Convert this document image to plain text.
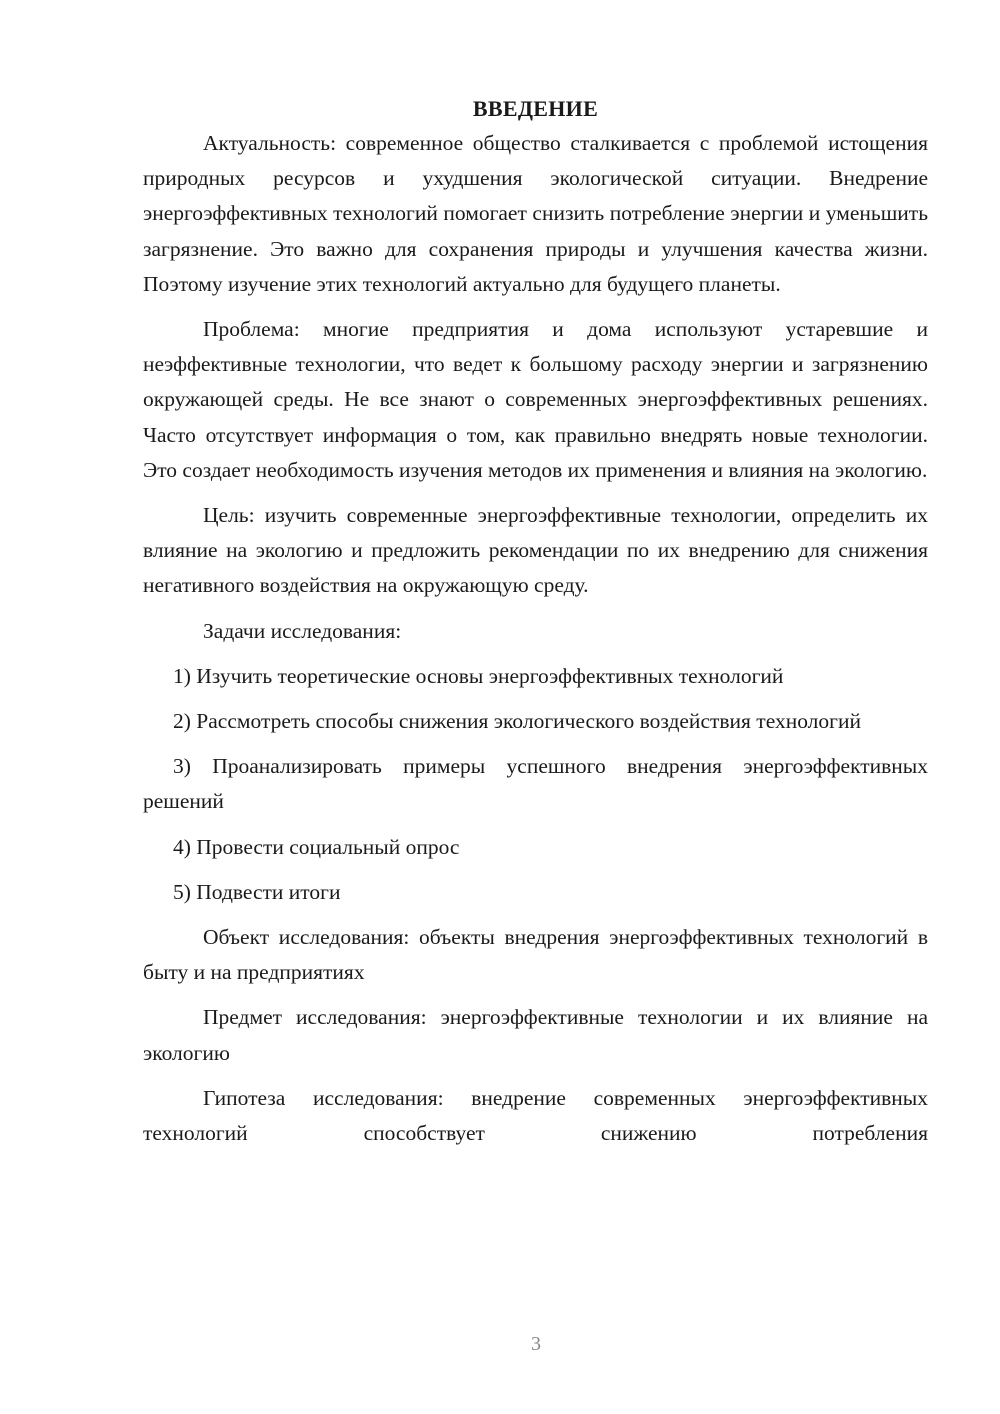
ВВЕДЕНИЕ

Актуальность: современное общество сталкивается с проблемой истощения природных ресурсов и ухудшения экологической ситуации. Внедрение энергоэффективных технологий помогает снизить потребление энергии и уменьшить загрязнение. Это важно для сохранения природы и улучшения качества жизни. Поэтому изучение этих технологий актуально для будущего планеты.

Проблема: многие предприятия и дома используют устаревшие и неэффективные технологии, что ведет к большому расходу энергии и загрязнению окружающей среды. Не все знают о современных энергоэффективных решениях. Часто отсутствует информация о том, как правильно внедрять новые технологии. Это создает необходимость изучения методов их применения и влияния на экологию.

Цель: изучить современные энергоэффективные технологии, определить их влияние на экологию и предложить рекомендации по их внедрению для снижения негативного воздействия на окружающую среду.

Задачи исследования:

1) Изучить теоретические основы энергоэффективных технологий

2) Рассмотреть способы снижения экологического воздействия технологий

3) Проанализировать примеры успешного внедрения энергоэффективных решений

4) Провести социальный опрос

5) Подвести итоги

Объект исследования: объекты внедрения энергоэффективных технологий в быту и на предприятиях

Предмет исследования: энергоэффективные технологии и их влияние на экологию

Гипотеза исследования: внедрение современных энергоэффективных технологий способствует снижению потребления

3
